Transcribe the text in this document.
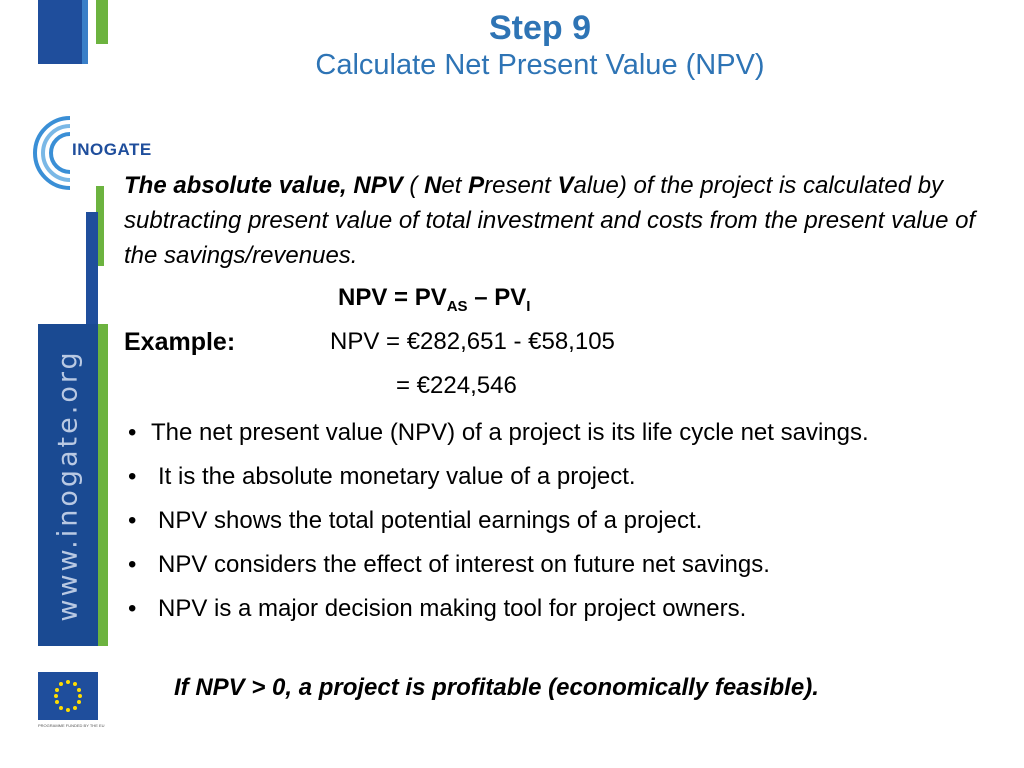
www.inogate.org
INOGATE
PROGRAMME FUNDED BY THE EU
Step 9
Calculate Net Present Value (NPV)

The absolute value, NPV ( Net Present Value) of the project is calculated by subtracting present value of total investment and costs from the present value of the savings/revenues.

NPV = $PV_{AS} - PV_I$
Example:	NPV = €282,651 - €58,105
= €224,546
• The net present value (NPV) of a project is its life cycle net savings.
• It is the absolute monetary value of a project.
• NPV shows the total potential earnings of a project.
• NPV considers the effect of interest on future net savings.
• NPV is a major decision making tool for project owners.
If NPV > 0, a project is profitable (economically feasible).
